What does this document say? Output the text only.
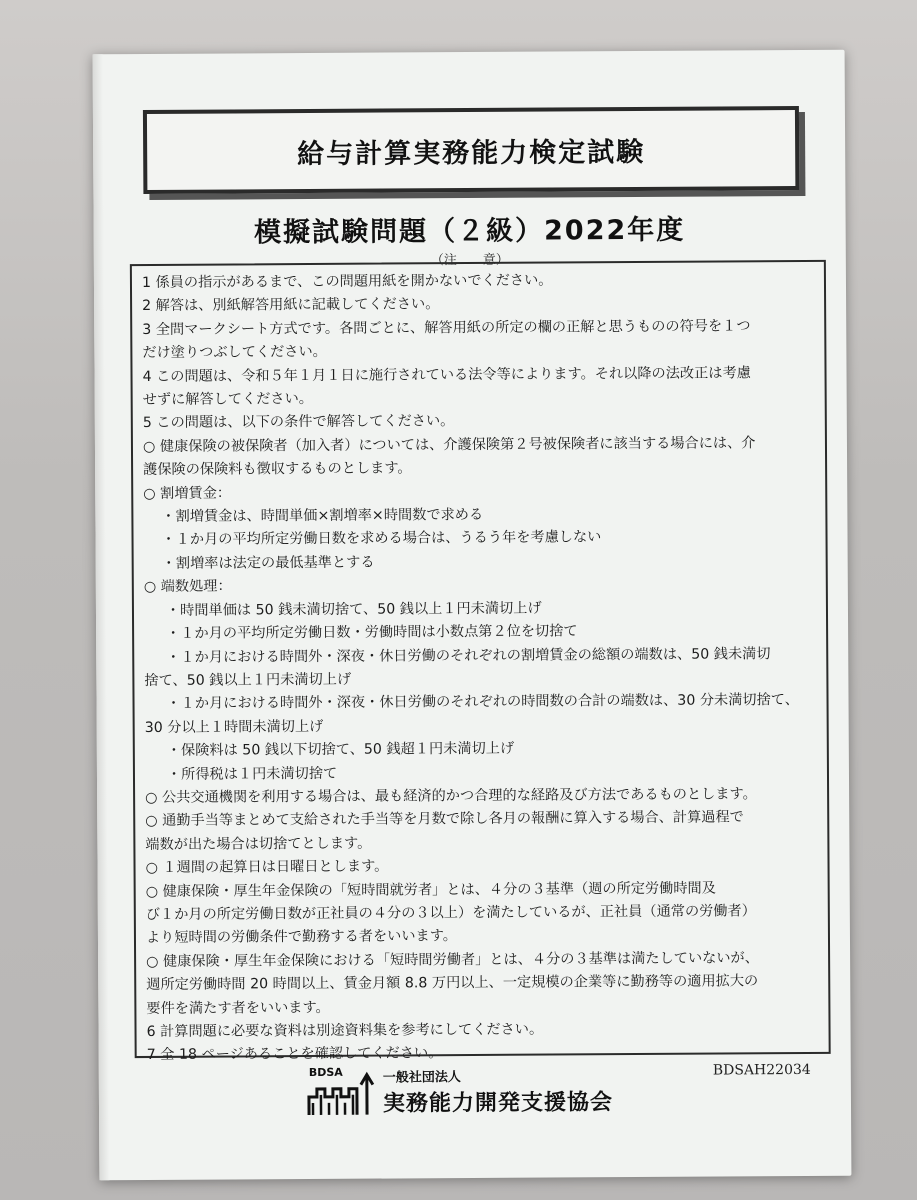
給与計算実務能力検定試験
模擬試験問題（２級）2022年度
（注　　意）
1 係員の指示があるまで、この問題用紙を開かないでください。
2 解答は、別紙解答用紙に記載してください。
3 全問マークシート方式です。各問ごとに、解答用紙の所定の欄の正解と思うものの符号を１つ
だけ塗りつぶしてください。
4 この問題は、令和５年１月１日に施行されている法令等によります。それ以降の法改正は考慮
せずに解答してください。
5 この問題は、以下の条件で解答してください。
○ 健康保険の被保険者（加入者）については、介護保険第２号被保険者に該当する場合には、介
護保険の保険料も徴収するものとします。
○ 割増賃金：
・割増賃金は、時間単価×割増率×時間数で求める
・１か月の平均所定労働日数を求める場合は、うるう年を考慮しない
・割増率は法定の最低基準とする
○ 端数処理：
・時間単価は 50 銭未満切捨て、50 銭以上１円未満切上げ
・１か月の平均所定労働日数・労働時間は小数点第２位を切捨て
・１か月における時間外・深夜・休日労働のそれぞれの割増賃金の総額の端数は、50 銭未満切
捨て、50 銭以上１円未満切上げ
・１か月における時間外・深夜・休日労働のそれぞれの時間数の合計の端数は、30 分未満切捨て、
30 分以上１時間未満切上げ
・保険料は 50 銭以下切捨て、50 銭超１円未満切上げ
・所得税は１円未満切捨て
○ 公共交通機関を利用する場合は、最も経済的かつ合理的な経路及び方法であるものとします。
○ 通勤手当等まとめて支給された手当等を月数で除し各月の報酬に算入する場合、計算過程で
端数が出た場合は切捨てとします。
○ １週間の起算日は日曜日とします。
○ 健康保険・厚生年金保険の「短時間就労者」とは、４分の３基準（週の所定労働時間及
び１か月の所定労働日数が正社員の４分の３以上）を満たしているが、正社員（通常の労働者）
より短時間の労働条件で勤務する者をいいます。
○ 健康保険・厚生年金保険における「短時間労働者」とは、４分の３基準は満たしていないが、
週所定労働時間 20 時間以上、賃金月額 8.8 万円以上、一定規模の企業等に勤務等の適用拡大の
要件を満たす者をいいます。
6 計算問題に必要な資料は別途資料集を参考にしてください。
7 全 18 ページあることを確認してください。
BDSAH22034
BDSA	一般社団法人
実務能力開発支援協会
